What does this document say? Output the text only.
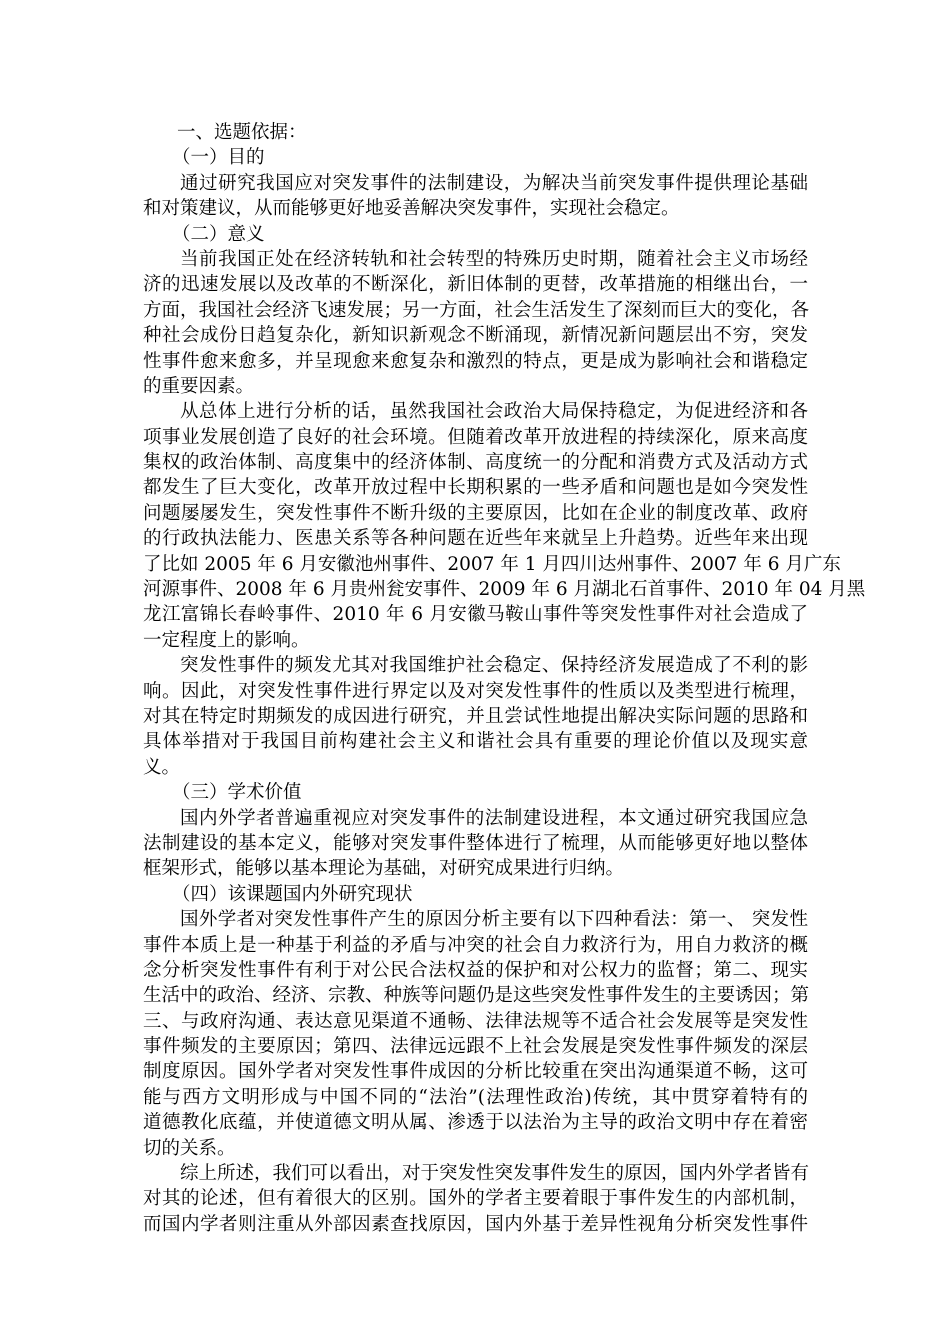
一、选题依据：
（一）目的
通过研究我国应对突发事件的法制建设，为解决当前突发事件提供理论基础
和对策建议，从而能够更好地妥善解决突发事件，实现社会稳定。
（二）意义
当前我国正处在经济转轨和社会转型的特殊历史时期，随着社会主义市场经
济的迅速发展以及改革的不断深化，新旧体制的更替，改革措施的相继出台，一
方面，我国社会经济飞速发展；另一方面，社会生活发生了深刻而巨大的变化，各
种社会成份日趋复杂化，新知识新观念不断涌现，新情况新问题层出不穷，突发
性事件愈来愈多，并呈现愈来愈复杂和激烈的特点，更是成为影响社会和谐稳定
的重要因素。
从总体上进行分析的话，虽然我国社会政治大局保持稳定，为促进经济和各
项事业发展创造了良好的社会环境。但随着改革开放进程的持续深化，原来高度
集权的政治体制、高度集中的经济体制、高度统一的分配和消费方式及活动方式
都发生了巨大变化，改革开放过程中长期积累的一些矛盾和问题也是如今突发性
问题屡屡发生，突发性事件不断升级的主要原因，比如在企业的制度改革、政府
的行政执法能力、医患关系等各种问题在近些年来就呈上升趋势。近些年来出现
了比如 2005 年 6 月安徽池州事件、2007 年 1 月四川达州事件、2007 年 6 月广东
河源事件、2008 年 6 月贵州瓮安事件、2009 年 6 月湖北石首事件、2010 年 04 月黑
龙江富锦长春岭事件、2010 年 6 月安徽马鞍山事件等突发性事件对社会造成了
一定程度上的影响。
突发性事件的频发尤其对我国维护社会稳定、保持经济发展造成了不利的影
响。因此，对突发性事件进行界定以及对突发性事件的性质以及类型进行梳理，
对其在特定时期频发的成因进行研究，并且尝试性地提出解决实际问题的思路和
具体举措对于我国目前构建社会主义和谐社会具有重要的理论价值以及现实意
义。
（三）学术价值
国内外学者普遍重视应对突发事件的法制建设进程，本文通过研究我国应急
法制建设的基本定义，能够对突发事件整体进行了梳理，从而能够更好地以整体
框架形式，能够以基本理论为基础，对研究成果进行归纳。
（四）该课题国内外研究现状
国外学者对突发性事件产生的原因分析主要有以下四种看法：第一、 突发性
事件本质上是一种基于利益的矛盾与冲突的社会自力救济行为，用自力救济的概
念分析突发性事件有利于对公民合法权益的保护和对公权力的监督；第二、现实
生活中的政治、经济、宗教、种族等问题仍是这些突发性事件发生的主要诱因；第
三、与政府沟通、表达意见渠道不通畅、法律法规等不适合社会发展等是突发性
事件频发的主要原因；第四、法律远远跟不上社会发展是突发性事件频发的深层
制度原因。国外学者对突发性事件成因的分析比较重在突出沟通渠道不畅，这可
能与西方文明形成与中国不同的“法治”(法理性政治)传统，其中贯穿着特有的
道德教化底蕴，并使道德文明从属、渗透于以法治为主导的政治文明中存在着密
切的关系。
综上所述，我们可以看出，对于突发性突发事件发生的原因，国内外学者皆有
对其的论述，但有着很大的区别。国外的学者主要着眼于事件发生的内部机制，
而国内学者则注重从外部因素查找原因，国内外基于差异性视角分析突发性事件
